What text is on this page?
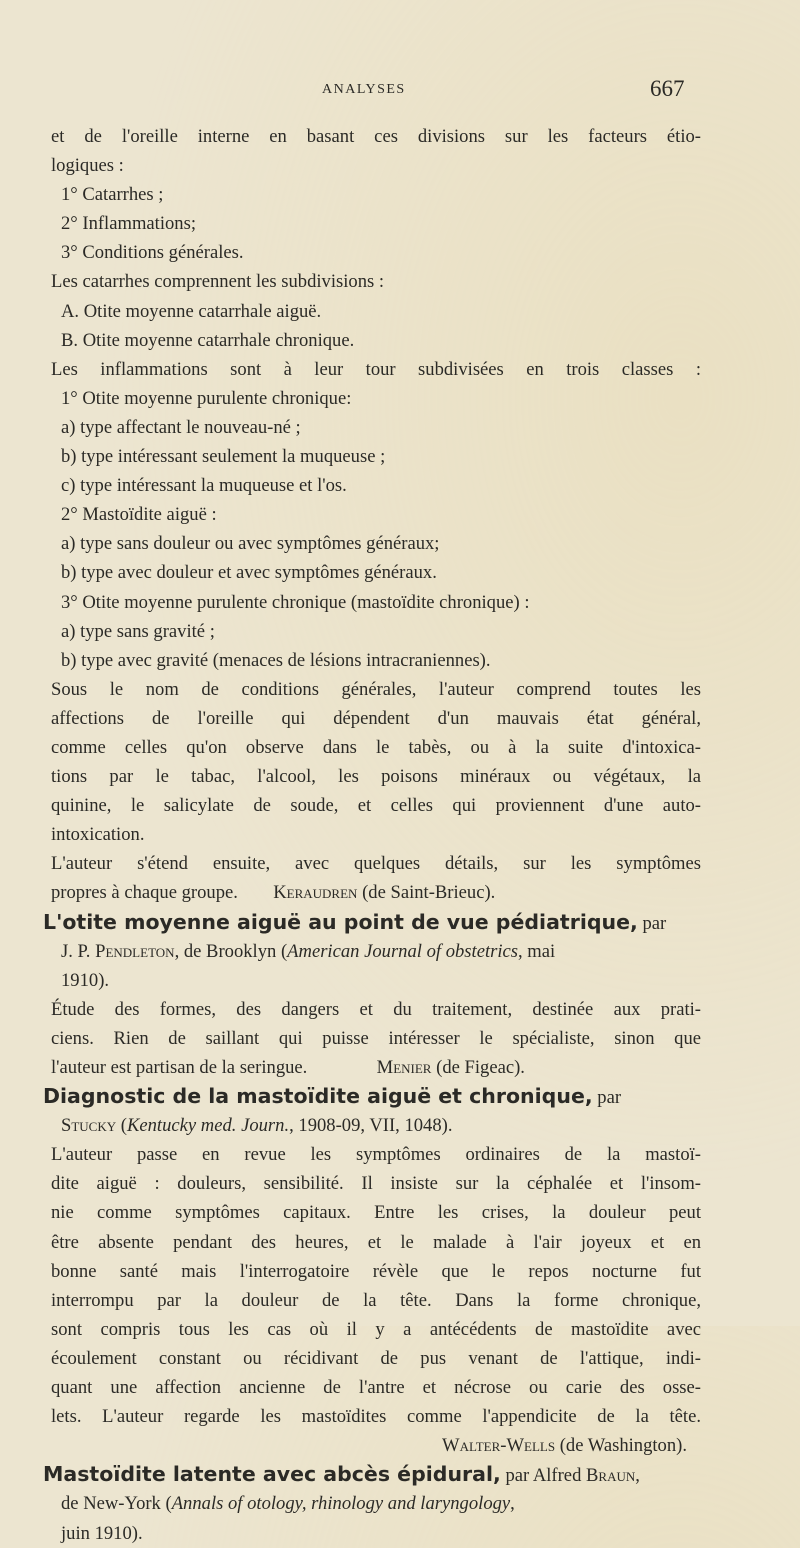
ANALYSES	667
et de l'oreille interne en basant ces divisions sur les facteurs étio-
logiques :
1° Catarrhes ;
2° Inflammations;
3° Conditions générales.
Les catarrhes comprennent les subdivisions :
A. Otite moyenne catarrhale aiguë.
B. Otite moyenne catarrhale chronique.
Les inflammations sont à leur tour subdivisées en trois classes :
1° Otite moyenne purulente chronique:
a) type affectant le nouveau-né ;
b) type intéressant seulement la muqueuse ;
c) type intéressant la muqueuse et l'os.
2° Mastoïdite aiguë :
a) type sans douleur ou avec symptômes généraux;
b) type avec douleur et avec symptômes généraux.
3° Otite moyenne purulente chronique (mastoïdite chronique) :
a) type sans gravité ;
b) type avec gravité (menaces de lésions intracraniennes).
Sous le nom de conditions générales, l'auteur comprend toutes les
affections de l'oreille qui dépendent d'un mauvais état général,
comme celles qu'on observe dans le tabès, ou à la suite d'intoxica-
tions par le tabac, l'alcool, les poisons minéraux ou végétaux, la
quinine, le salicylate de soude, et celles qui proviennent d'une auto-
intoxication.
L'auteur s'étend ensuite, avec quelques détails, sur les symptômes
propres à chaque groupe. Keraudren (de Saint-Brieuc).
L'otite moyenne aiguë au point de vue pédiatrique, par
J. P. Pendleton, de Brooklyn (American Journal of obstetrics, mai
1910).
Étude des formes, des dangers et du traitement, destinée aux prati-
ciens. Rien de saillant qui puisse intéresser le spécialiste, sinon que
l'auteur est partisan de la seringue.	Menier (de Figeac).
Diagnostic de la mastoïdite aiguë et chronique, par
Stucky (Kentucky med. Journ., 1908-09, VII, 1048).
L'auteur passe en revue les symptômes ordinaires de la mastoï-
dite aiguë : douleurs, sensibilité. Il insiste sur la céphalée et l'insom-
nie comme symptômes capitaux. Entre les crises, la douleur peut
être absente pendant des heures, et le malade à l'air joyeux et en
bonne santé mais l'interrogatoire révèle que le repos nocturne fut
interrompu par la douleur de la tête. Dans la forme chronique,
sont compris tous les cas où il y a antécédents de mastoïdite avec
écoulement constant ou récidivant de pus venant de l'attique, indi-
quant une affection ancienne de l'antre et nécrose ou carie des osse-
lets. L'auteur regarde les mastoïdites comme l'appendicite de la tête.
Walter-Wells (de Washington).
Mastoïdite latente avec abcès épidural, par Alfred Braun,
de New-York (Annals of otology, rhinology and laryngology,
juin 1910).
